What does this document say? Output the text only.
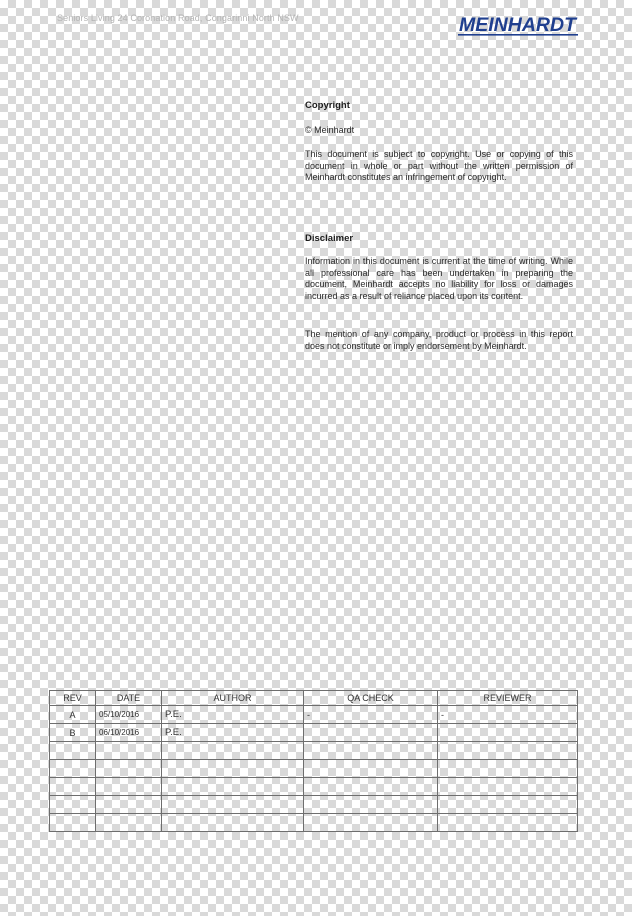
Seniors Living 24 Coronation Road, Congarinni North NSW	MEINHARDT
Copyright
© Meinhardt
This document is subject to copyright. Use or copying of this document in whole or part without the written permission of Meinhardt constitutes an infringement of copyright.
Disclaimer
Information in this document is current at the time of writing. While all professional care has been undertaken in preparing the document, Meinhardt accepts no liability for loss or damages incurred as a result of reliance placed upon its content.
The mention of any company, product or process in this report does not constitute or imply endorsement by Meinhardt.
REV	DATE	AUTHOR	QA CHECK	REVIEWER
A	05/10/2016	P.E.	-	-
B	06/10/2016	P.E.		
